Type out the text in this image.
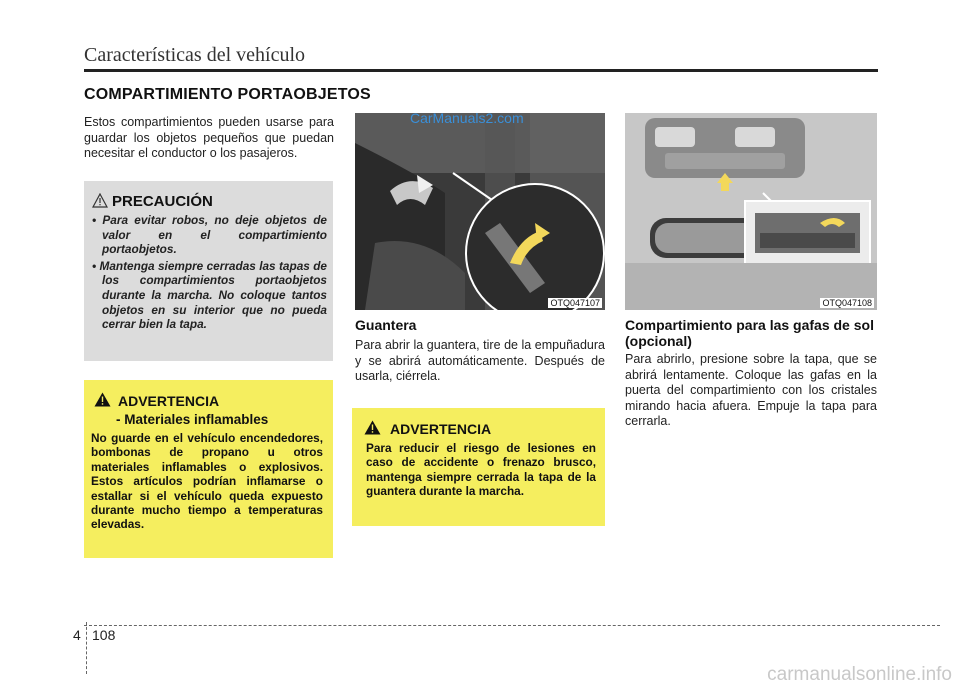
Características del vehículo
COMPARTIMIENTO PORTAOBJETOS
Estos compartimientos pueden usarse para guardar los objetos pequeños que puedan necesitar el conductor o los pasajeros.
PRECAUCIÓN
• Para evitar robos, no deje objetos de valor en el compartimiento portaobjetos.
• Mantenga siempre cerradas las tapas de los compartimientos portaobjetos durante la marcha. No coloque tantos objetos en su interior que no pueda cerrar bien la tapa.
ADVERTENCIA
- Materiales inflamables
No guarde en el vehículo encendedores, bombonas de propano u otros materiales inflamables o explosivos. Estos artículos podrían inflamarse o estallar si el vehículo queda expuesto durante mucho tiempo a temperaturas elevadas.
OTQ047107
CarManuals2.com
Guantera
Para abrir la guantera, tire de la empuñadura y se abrirá automáticamente. Después de usarla, ciérrela.
ADVERTENCIA
Para reducir el riesgo de lesiones en caso de accidente o frenazo brusco, mantenga siempre cerrada la tapa de la guantera durante la marcha.
OTQ047108
Compartimiento para las gafas de sol (opcional)
Para abrirlo, presione sobre la tapa, que se abrirá lentamente. Coloque las gafas en la puerta del compartimiento con los cristales mirando hacia afuera. Empuje la tapa para cerrarla.
4 108
carmanualsonline.info
